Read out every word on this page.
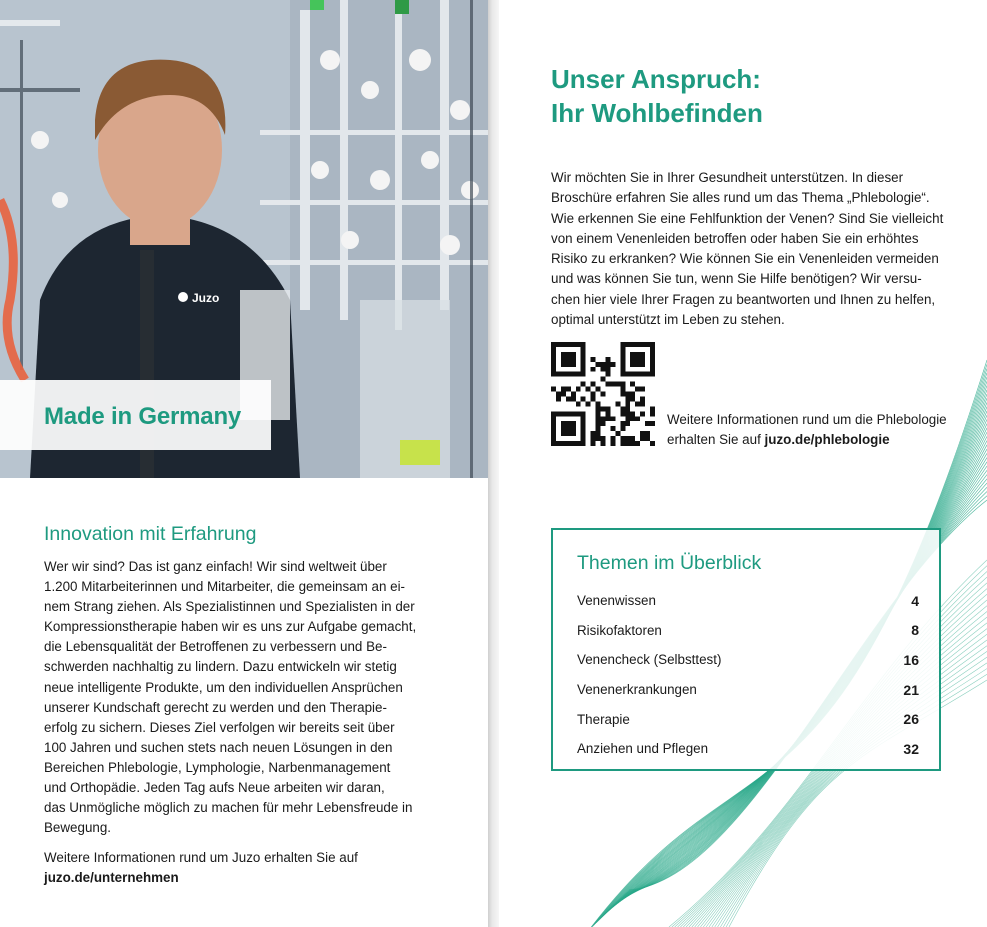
Juzo
Made in Germany
Innovation mit Erfahrung
Wer wir sind? Das ist ganz einfach! Wir sind weltweit über
1.200 Mitarbeiterinnen und Mitarbeiter, die gemeinsam an ei-
nem Strang ziehen. Als Spezialistinnen und Spezialisten in der
Kompressionstherapie haben wir es uns zur Aufgabe gemacht,
die Lebensqualität der Betroffenen zu verbessern und Be-
schwerden nachhaltig zu lindern. Dazu entwickeln wir stetig
neue intelligente Produkte, um den individuellen Ansprüchen
unserer Kundschaft gerecht zu werden und den Therapie-
erfolg zu sichern. Dieses Ziel verfolgen wir bereits seit über
100 Jahren und suchen stets nach neuen Lösungen in den
Bereichen Phlebologie, Lymphologie, Narbenmanagement
und Orthopädie. Jeden Tag aufs Neue arbeiten wir daran,
das Unmögliche möglich zu machen für mehr Lebensfreude in
Bewegung.
Weitere Informationen rund um Juzo erhalten Sie auf
juzo.de/unternehmen
Unser Anspruch:
Ihr Wohlbefinden
Wir möchten Sie in Ihrer Gesundheit unterstützen. In dieser
Broschüre erfahren Sie alles rund um das Thema „Phlebologie“.
Wie erkennen Sie eine Fehlfunktion der Venen? Sind Sie vielleicht
von einem Venenleiden betroffen oder haben Sie ein erhöhtes
Risiko zu erkranken? Wie können Sie ein Venenleiden vermeiden
und was können Sie tun, wenn Sie Hilfe benötigen? Wir versu-
chen hier viele Ihrer Fragen zu beantworten und Ihnen zu helfen,
optimal unterstützt im Leben zu stehen.
Weitere Informationen rund um die Phlebologie
erhalten Sie auf juzo.de/phlebologie
Themen im Überblick
Venenwissen	4
Risikofaktoren	8
Venencheck (Selbsttest)	16
Venenerkrankungen	21
Therapie	26
Anziehen und Pflegen	32
